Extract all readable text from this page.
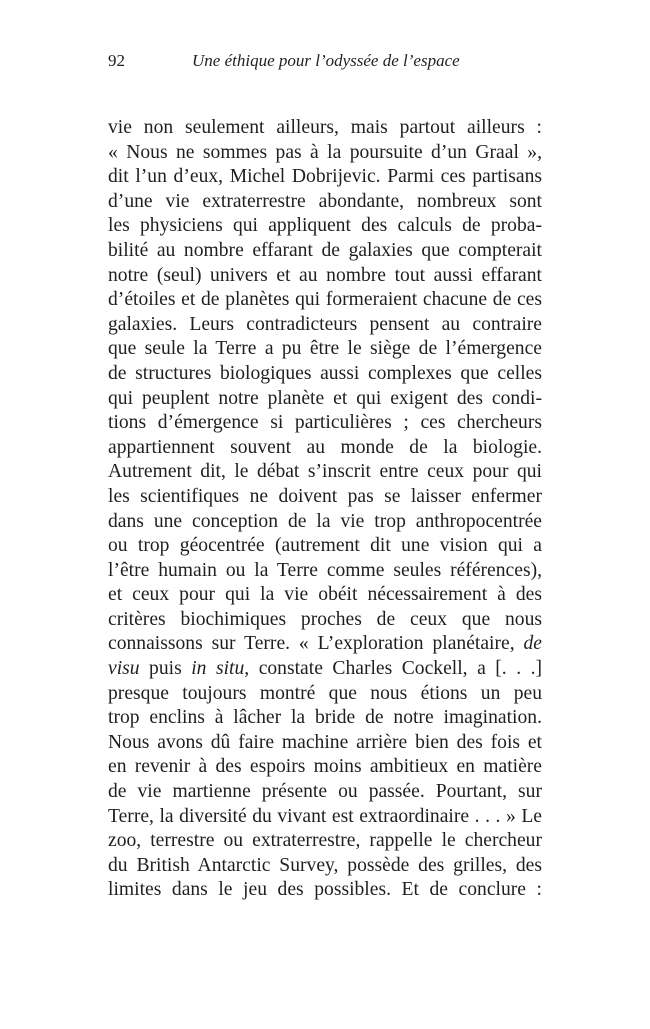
92	Une éthique pour l’odyssée de l’espace
vie non seulement ailleurs, mais partout ailleurs :
« Nous ne sommes pas à la poursuite d’un Graal »,
dit l’un d’eux, Michel Dobrijevic. Parmi ces partisans
d’une vie extraterrestre abondante, nombreux sont
les physiciens qui appliquent des calculs de proba-
bilité au nombre effarant de galaxies que compterait
notre (seul) univers et au nombre tout aussi effarant
d’étoiles et de planètes qui formeraient chacune de ces
galaxies. Leurs contradicteurs pensent au contraire
que seule la Terre a pu être le siège de l’émergence
de structures biologiques aussi complexes que celles
qui peuplent notre planète et qui exigent des condi-
tions d’émergence si particulières ; ces chercheurs
appartiennent souvent au monde de la biologie.
Autrement dit, le débat s’inscrit entre ceux pour qui
les scientifiques ne doivent pas se laisser enfermer
dans une conception de la vie trop anthropocentrée
ou trop géocentrée (autrement dit une vision qui a
l’être humain ou la Terre comme seules références),
et ceux pour qui la vie obéit nécessairement à des
critères biochimiques proches de ceux que nous
connaissons sur Terre. « L’exploration planétaire, de
visu puis in situ, constate Charles Cockell, a [. . .]
presque toujours montré que nous étions un peu
trop enclins à lâcher la bride de notre imagination.
Nous avons dû faire machine arrière bien des fois et
en revenir à des espoirs moins ambitieux en matière
de vie martienne présente ou passée. Pourtant, sur
Terre, la diversité du vivant est extraordinaire . . . » Le
zoo, terrestre ou extraterrestre, rappelle le chercheur
du British Antarctic Survey, possède des grilles, des
limites dans le jeu des possibles. Et de conclure :
